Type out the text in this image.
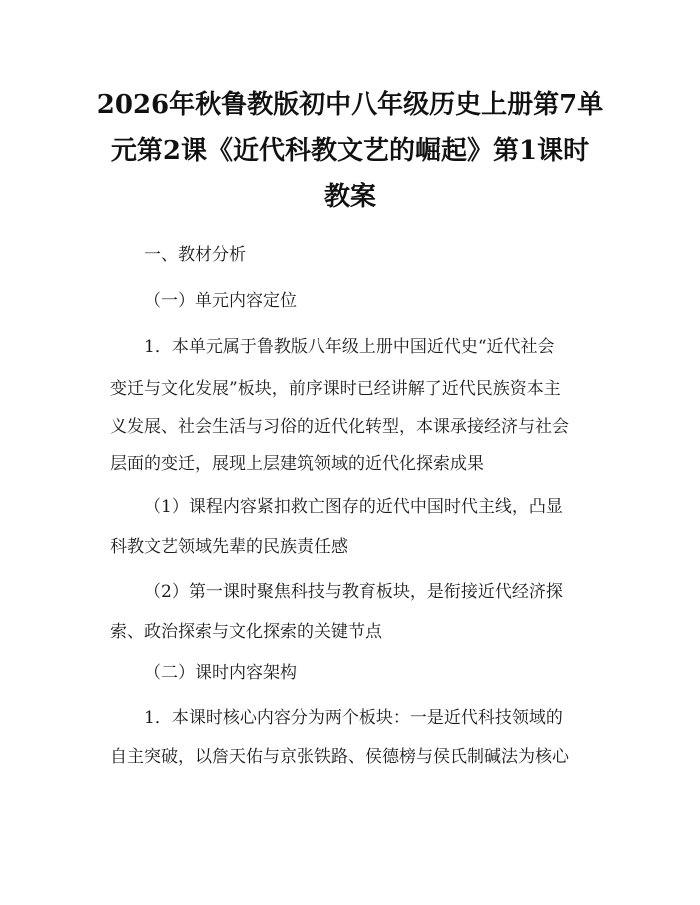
2026年秋鲁教版初中八年级历史上册第7单
元第2课《近代科教文艺的崛起》第1课时
教案
一、教材分析
（一）单元内容定位
1．本单元属于鲁教版八年级上册中国近代史“近代社会
变迁与文化发展”板块，前序课时已经讲解了近代民族资本主
义发展、社会生活与习俗的近代化转型，本课承接经济与社会
层面的变迁，展现上层建筑领域的近代化探索成果
（1）课程内容紧扣救亡图存的近代中国时代主线，凸显
科教文艺领域先辈的民族责任感
（2）第一课时聚焦科技与教育板块，是衔接近代经济探
索、政治探索与文化探索的关键节点
（二）课时内容架构
1．本课时核心内容分为两个板块：一是近代科技领域的
自主突破，以詹天佑与京张铁路、侯德榜与侯氏制碱法为核心
